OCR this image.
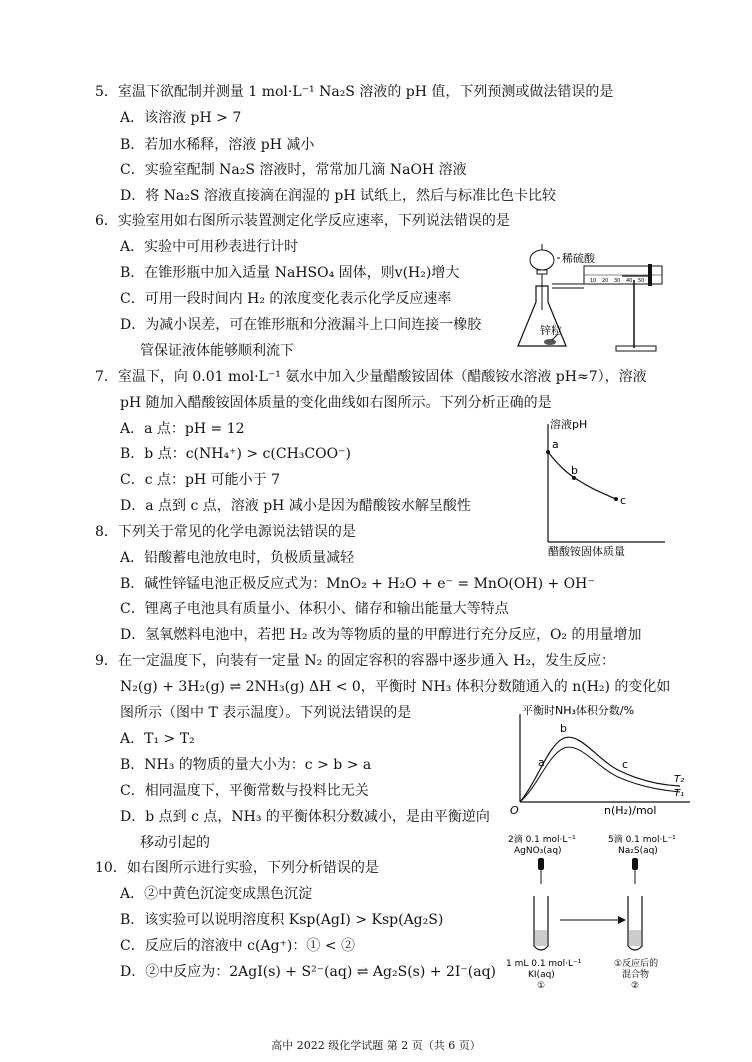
5．室温下欲配制并测量 1 mol·L⁻¹ Na₂S 溶液的 pH 值，下列预测或做法错误的是
A．该溶液 pH > 7
B．若加水稀释，溶液 pH 减小
C．实验室配制 Na₂S 溶液时，常常加几滴 NaOH 溶液
D．将 Na₂S 溶液直接滴在润湿的 pH 试纸上，然后与标准比色卡比较
6．实验室用如右图所示装置测定化学反应速率，下列说法错误的是
A．实验中可用秒表进行计时
B．在锥形瓶中加入适量 NaHSO₄ 固体，则v(H₂)增大
C．可用一段时间内 H₂ 的浓度变化表示化学反应速率
D．为减小误差，可在锥形瓶和分液漏斗上口间连接一橡胶
管保证液体能够顺利流下
10 20 30 40 50
稀硫酸
锌粒
7．室温下，向 0.01 mol·L⁻¹ 氨水中加入少量醋酸铵固体（醋酸铵水溶液 pH≈7），溶液
pH 随加入醋酸铵固体质量的变化曲线如右图所示。下列分析正确的是
A．a 点：pH = 12
B．b 点：c(NH₄⁺) > c(CH₃COO⁻)
C．c 点：pH 可能小于 7
D．a 点到 c 点，溶液 pH 减小是因为醋酸铵水解呈酸性
溶液pH
醋酸铵固体质量
a
b
c
8．下列关于常见的化学电源说法错误的是
A．铅酸蓄电池放电时，负极质量减轻
B．碱性锌锰电池正极反应式为：MnO₂ + H₂O + e⁻ = MnO(OH) + OH⁻
C．锂离子电池具有质量小、体积小、储存和输出能量大等特点
D．氢氧燃料电池中，若把 H₂ 改为等物质的量的甲醇进行充分反应，O₂ 的用量增加
9．在一定温度下，向装有一定量 N₂ 的固定容积的容器中逐步通入 H₂，发生反应：
N₂(g) + 3H₂(g) ⇌ 2NH₃(g) ΔH < 0，平衡时 NH₃ 体积分数随通入的 n(H₂) 的变化如
图所示（图中 T 表示温度）。下列说法错误的是
A．T₁ > T₂
B．NH₃ 的物质的量大小为：c > b > a
C．相同温度下，平衡常数与投料比无关
D．b 点到 c 点，NH₃ 的平衡体积分数减小，是由平衡逆向
移动引起的
平衡时NH₃体积分数/%
O	n(H₂)/mol
a
b
c
T₂
T₁
10．如右图所示进行实验，下列分析错误的是
A．②中黄色沉淀变成黑色沉淀
B．该实验可以说明溶度积 Ksp(AgI) > Ksp(Ag₂S)
C．反应后的溶液中 c(Ag⁺)：① < ②
D．②中反应为：2AgI(s) + S²⁻(aq) ⇌ Ag₂S(s) + 2I⁻(aq)
2滴 0.1 mol·L⁻¹
AgNO₃(aq)
5滴 0.1 mol·L⁻¹
Na₂S(aq)
1 mL 0.1 mol·L⁻¹
KI(aq)
①
①反应后的
混合物
②
高中 2022 级化学试题 第 2 页（共 6 页）
